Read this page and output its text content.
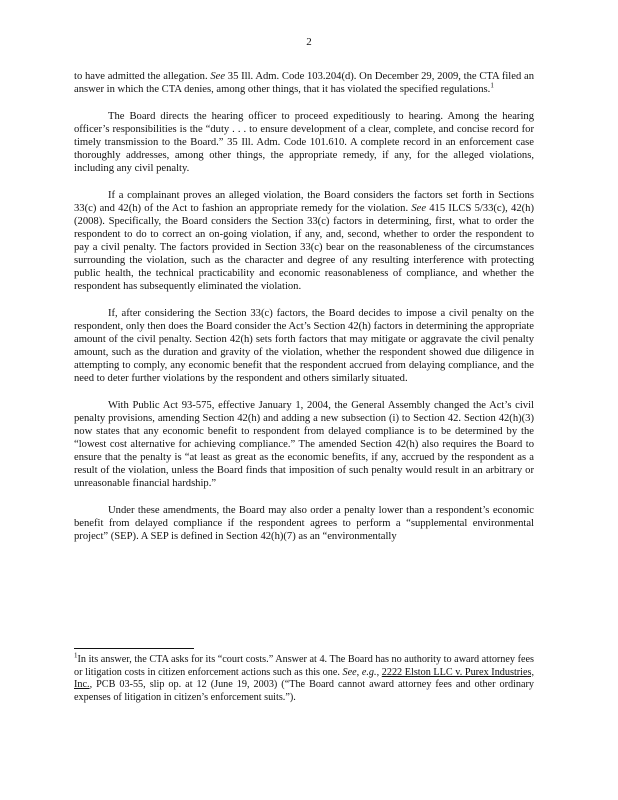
2

to have admitted the allegation. See 35 Ill. Adm. Code 103.204(d). On December 29, 2009, the CTA filed an answer in which the CTA denies, among other things, that it has violated the specified regulations.$^1$

The Board directs the hearing officer to proceed expeditiously to hearing. Among the hearing officer’s responsibilities is the “duty . . . to ensure development of a clear, complete, and concise record for timely transmission to the Board.” 35 Ill. Adm. Code 101.610. A complete record in an enforcement case thoroughly addresses, among other things, the appropriate remedy, if any, for the alleged violations, including any civil penalty.

If a complainant proves an alleged violation, the Board considers the factors set forth in Sections 33(c) and 42(h) of the Act to fashion an appropriate remedy for the violation. See 415 ILCS 5/33(c), 42(h) (2008). Specifically, the Board considers the Section 33(c) factors in determining, first, what to order the respondent to do to correct an on-going violation, if any, and, second, whether to order the respondent to pay a civil penalty. The factors provided in Section 33(c) bear on the reasonableness of the circumstances surrounding the violation, such as the character and degree of any resulting interference with protecting public health, the technical practicability and economic reasonableness of compliance, and whether the respondent has subsequently eliminated the violation.

If, after considering the Section 33(c) factors, the Board decides to impose a civil penalty on the respondent, only then does the Board consider the Act’s Section 42(h) factors in determining the appropriate amount of the civil penalty. Section 42(h) sets forth factors that may mitigate or aggravate the civil penalty amount, such as the duration and gravity of the violation, whether the respondent showed due diligence in attempting to comply, any economic benefit that the respondent accrued from delaying compliance, and the need to deter further violations by the respondent and others similarly situated.

With Public Act 93-575, effective January 1, 2004, the General Assembly changed the Act’s civil penalty provisions, amending Section 42(h) and adding a new subsection (i) to Section 42. Section 42(h)(3) now states that any economic benefit to respondent from delayed compliance is to be determined by the “lowest cost alternative for achieving compliance.” The amended Section 42(h) also requires the Board to ensure that the penalty is “at least as great as the economic benefits, if any, accrued by the respondent as a result of the violation, unless the Board finds that imposition of such penalty would result in an arbitrary or unreasonable financial hardship.”

Under these amendments, the Board may also order a penalty lower than a respondent’s economic benefit from delayed compliance if the respondent agrees to perform a “supplemental environmental project” (SEP). A SEP is defined in Section 42(h)(7) as an “environmentally

$^1$In its answer, the CTA asks for its “court costs.” Answer at 4. The Board has no authority to award attorney fees or litigation costs in citizen enforcement actions such as this one. See, e.g., 2222 Elston LLC v. Purex Industries, Inc., PCB 03-55, slip op. at 12 (June 19, 2003) (“The Board cannot award attorney fees and other ordinary expenses of litigation in citizen’s enforcement suits.”).
